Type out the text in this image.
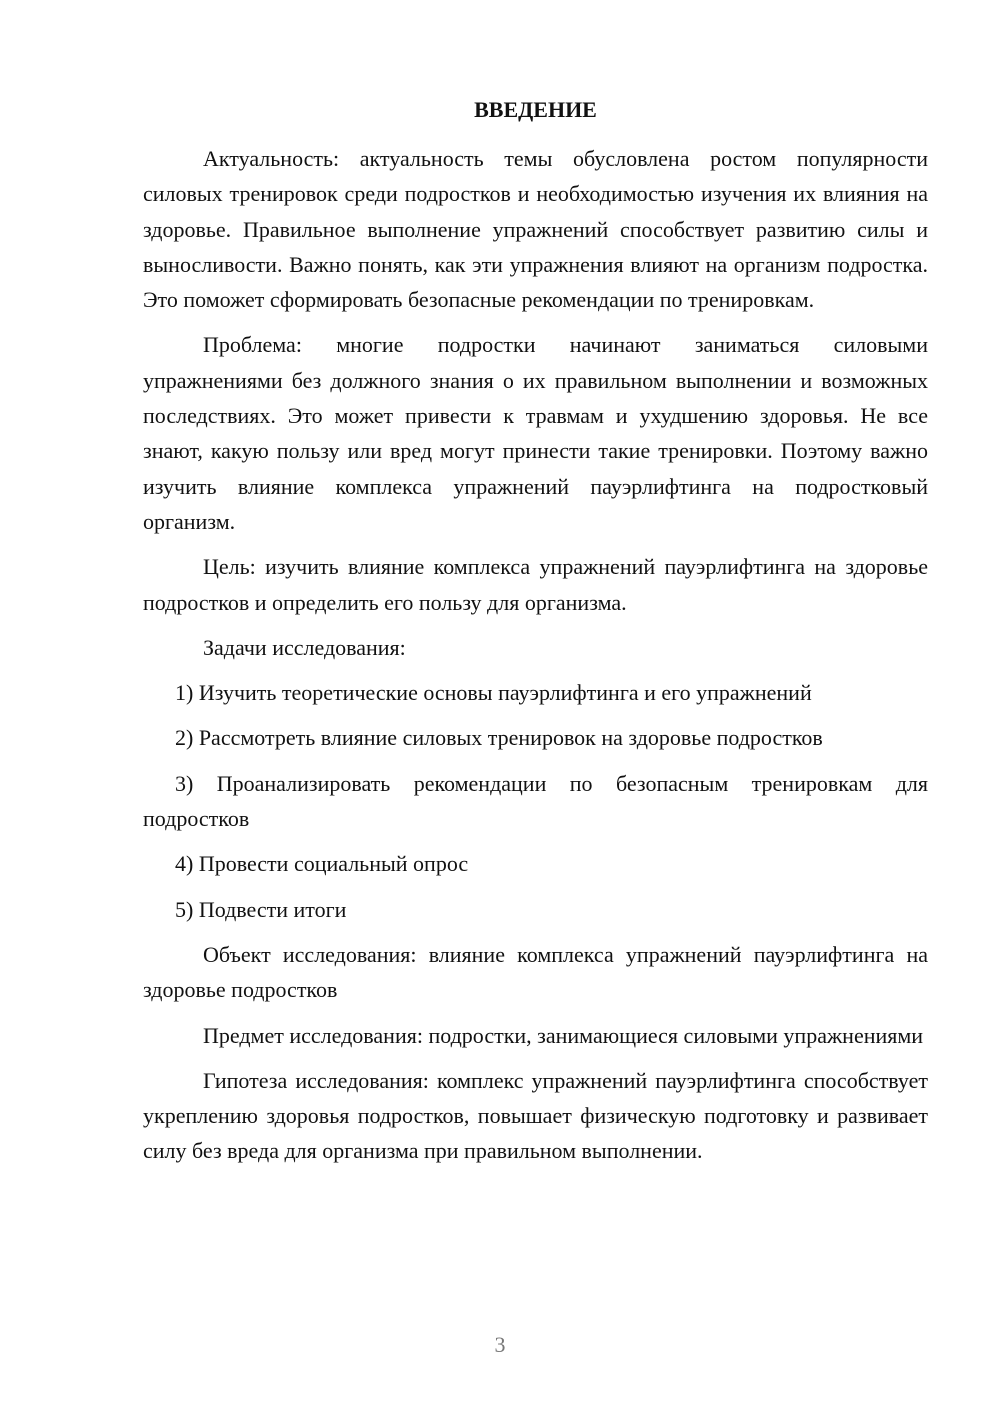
ВВЕДЕНИЕ

Актуальность: актуальность темы обусловлена ростом популярности силовых тренировок среди подростков и необходимостью изучения их влияния на здоровье. Правильное выполнение упражнений способствует развитию силы и выносливости. Важно понять, как эти упражнения влияют на организм подростка. Это поможет сформировать безопасные рекомендации по тренировкам.

Проблема: многие подростки начинают заниматься силовыми упражнениями без должного знания о их правильном выполнении и возможных последствиях. Это может привести к травмам и ухудшению здоровья. Не все знают, какую пользу или вред могут принести такие тренировки. Поэтому важно изучить влияние комплекса упражнений пауэрлифтинга на подростковый организм.

Цель: изучить влияние комплекса упражнений пауэрлифтинга на здоровье подростков и определить его пользу для организма.

Задачи исследования:

1) Изучить теоретические основы пауэрлифтинга и его упражнений

2) Рассмотреть влияние силовых тренировок на здоровье подростков

3) Проанализировать рекомендации по безопасным тренировкам для подростков

4) Провести социальный опрос

5) Подвести итоги

Объект исследования: влияние комплекса упражнений пауэрлифтинга на здоровье подростков

Предмет исследования: подростки, занимающиеся силовыми упражнениями

Гипотеза исследования: комплекс упражнений пауэрлифтинга способствует укреплению здоровья подростков, повышает физическую подготовку и развивает силу без вреда для организма при правильном выполнении.

3
